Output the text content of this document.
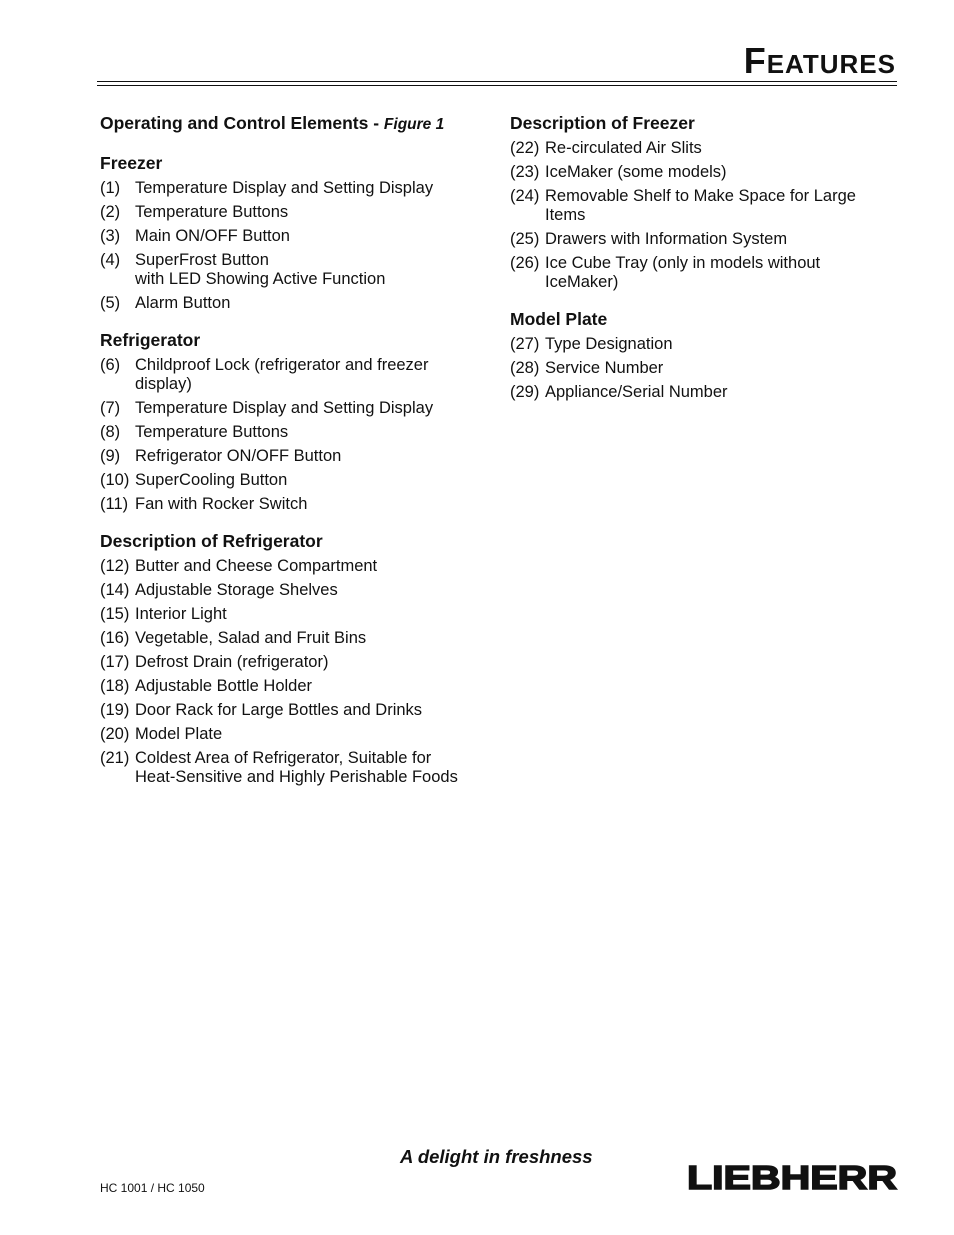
FEATURES

Operating and Control Elements - Figure 1

Freezer

(1) Temperature Display and Setting Display
(2) Temperature Buttons
(3) Main ON/OFF Button
(4) SuperFrost Button
with LED Showing Active Function
(5) Alarm Button

Refrigerator

(6) Childproof Lock (refrigerator and freezer
display)
(7) Temperature Display and Setting Display
(8) Temperature Buttons
(9) Refrigerator ON/OFF Button
(10) SuperCooling Button
(11) Fan with Rocker Switch

Description of Refrigerator

(12) Butter and Cheese Compartment
(14) Adjustable Storage Shelves
(15) Interior Light
(16) Vegetable, Salad and Fruit Bins
(17) Defrost Drain (refrigerator)
(18) Adjustable Bottle Holder
(19) Door Rack for Large Bottles and Drinks
(20) Model Plate
(21) Coldest Area of Refrigerator, Suitable for
Heat-Sensitive and Highly Perishable Foods

Description of Freezer

(22) Re-circulated Air Slits
(23) IceMaker (some models)
(24) Removable Shelf to Make Space for Large
Items
(25) Drawers with Information System
(26) Ice Cube Tray (only in models without
IceMaker)

Model Plate

(27) Type Designation
(28) Service Number
(29) Appliance/Serial Number
A delight in freshness
HC 1001 / HC 1050	LIEBHERR
